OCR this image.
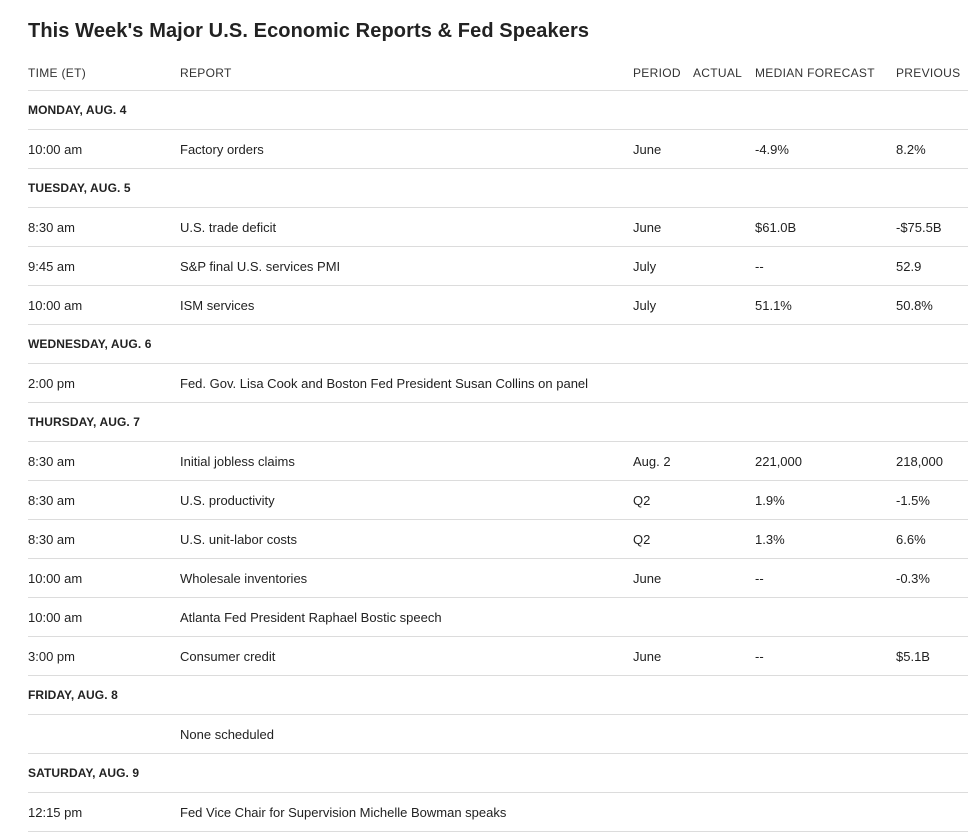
This Week's Major U.S. Economic Reports & Fed Speakers
TIME (ET)	REPORT	PERIOD	ACTUAL	MEDIAN FORECAST	PREVIOUS
MONDAY, AUG. 4					
10:00 am	Factory orders	June		-4.9%	8.2%
TUESDAY, AUG. 5					
8:30 am	U.S. trade deficit	June		$61.0B	-$75.5B
9:45 am	S&P final U.S. services PMI	July		--	52.9
10:00 am	ISM services	July		51.1%	50.8%
WEDNESDAY, AUG. 6					
2:00 pm	Fed. Gov. Lisa Cook and Boston Fed President Susan Collins on panel				
THURSDAY, AUG. 7					
8:30 am	Initial jobless claims	Aug. 2		221,000	218,000
8:30 am	U.S. productivity	Q2		1.9%	-1.5%
8:30 am	U.S. unit-labor costs	Q2		1.3%	6.6%
10:00 am	Wholesale inventories	June		--	-0.3%
10:00 am	Atlanta Fed President Raphael Bostic speech				
3:00 pm	Consumer credit	June		--	$5.1B
FRIDAY, AUG. 8					
	None scheduled				
SATURDAY, AUG. 9					
12:15 pm	Fed Vice Chair for Supervision Michelle Bowman speaks				
